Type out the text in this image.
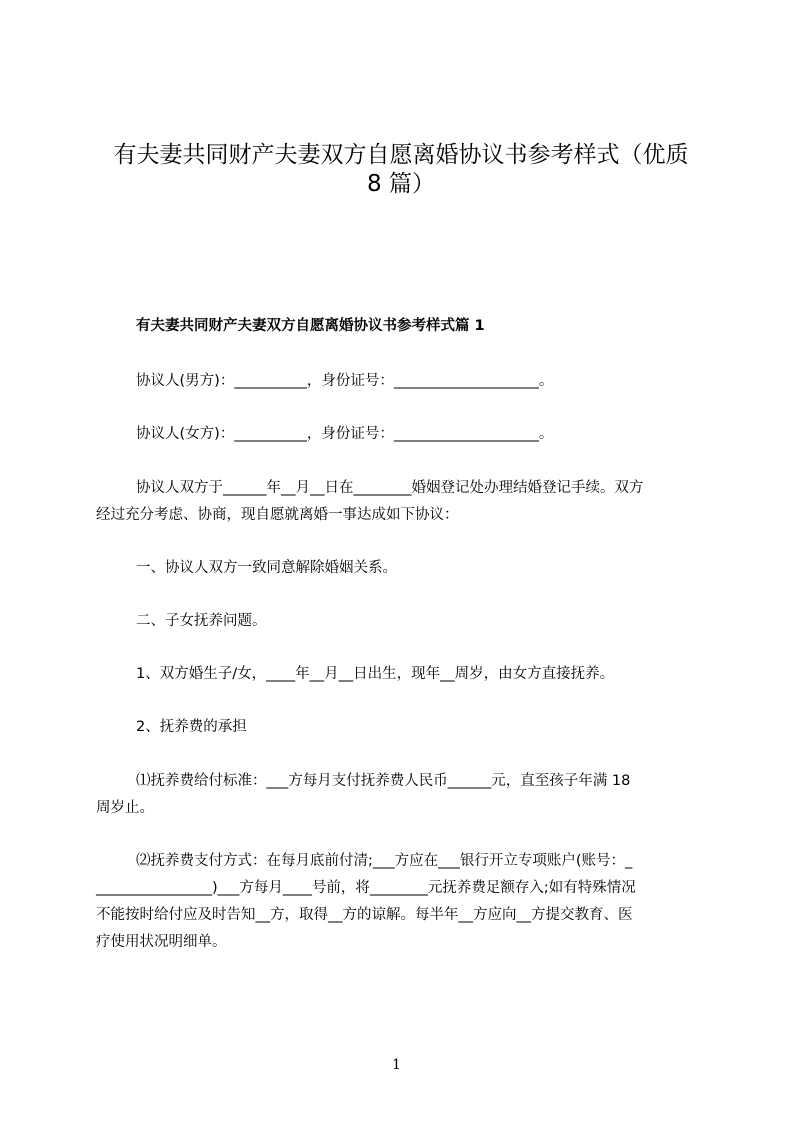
有夫妻共同财产夫妻双方自愿离婚协议书参考样式（优质
8 篇）
有夫妻共同财产夫妻双方自愿离婚协议书参考样式篇 1
协议人(男方)：__________，身份证号：____________________。
协议人(女方)：__________，身份证号：____________________。
协议人双方于______年__月__日在________婚姻登记处办理结婚登记手续。双方
经过充分考虑、协商，现自愿就离婚一事达成如下协议：
一、协议人双方一致同意解除婚姻关系。
二、子女抚养问题。
1、双方婚生子/女，____年__月__日出生，现年__周岁，由女方直接抚养。
2、抚养费的承担
⑴抚养费给付标准：___方每月支付抚养费人民币______元，直至孩子年满 18
周岁止。
⑵抚养费支付方式：在每月底前付清;___方应在___银行开立专项账户(账号：_
________________)___方每月____号前，将________元抚养费足额存入;如有特殊情况
不能按时给付应及时告知__方，取得__方的谅解。每半年__方应向__方提交教育、医
疗使用状况明细单。
1
